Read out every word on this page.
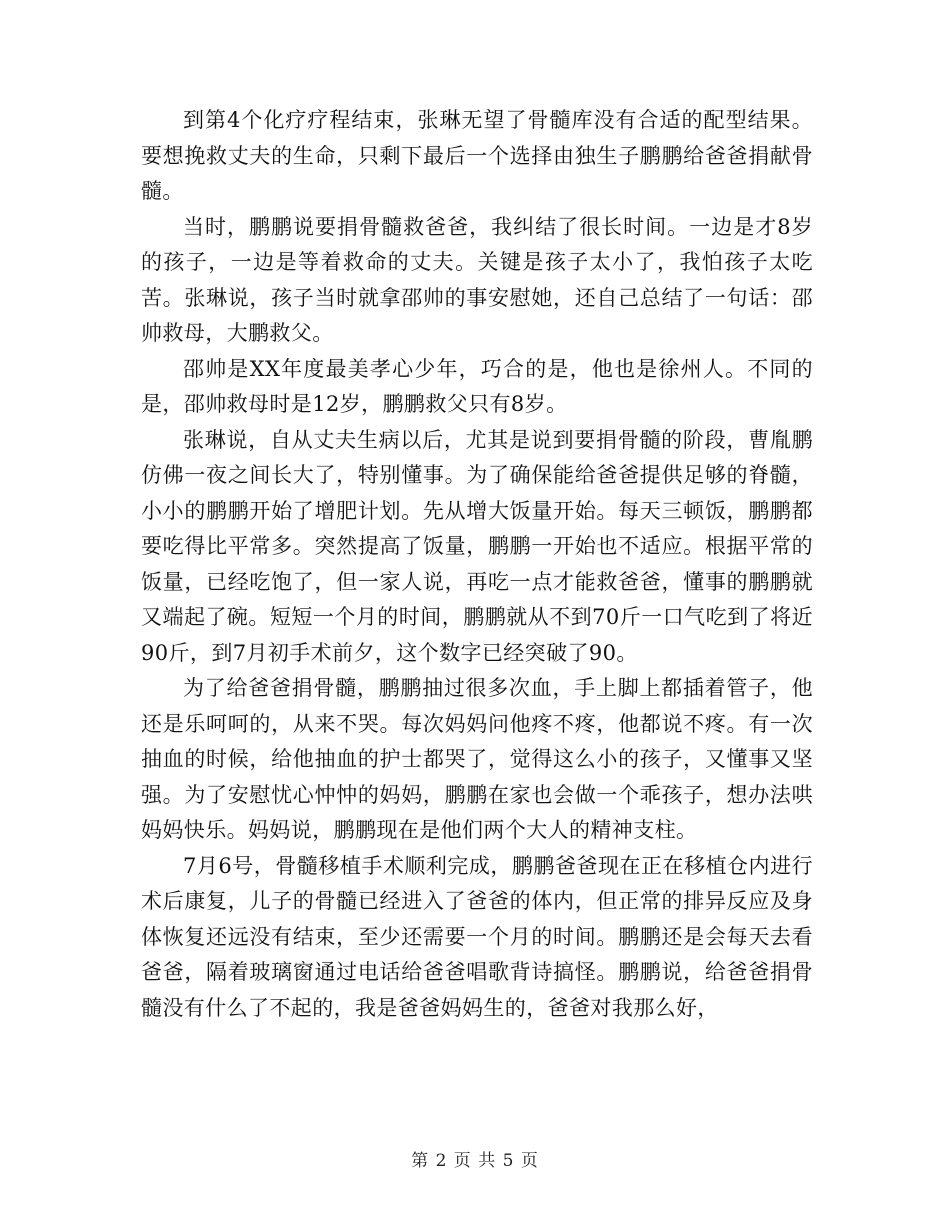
到第4个化疗疗程结束，张琳无望了骨髓库没有合适的配型结果。要想挽救丈夫的生命，只剩下最后一个选择由独生子鹏鹏给爸爸捐献骨髓。

当时，鹏鹏说要捐骨髓救爸爸，我纠结了很长时间。一边是才8岁的孩子，一边是等着救命的丈夫。关键是孩子太小了，我怕孩子太吃苦。张琳说，孩子当时就拿邵帅的事安慰她，还自己总结了一句话：邵帅救母，大鹏救父。

邵帅是XX年度最美孝心少年，巧合的是，他也是徐州人。不同的是，邵帅救母时是12岁，鹏鹏救父只有8岁。

张琳说，自从丈夫生病以后，尤其是说到要捐骨髓的阶段，曹胤鹏仿佛一夜之间长大了，特别懂事。为了确保能给爸爸提供足够的脊髓，小小的鹏鹏开始了增肥计划。先从增大饭量开始。每天三顿饭，鹏鹏都要吃得比平常多。突然提高了饭量，鹏鹏一开始也不适应。根据平常的饭量，已经吃饱了，但一家人说，再吃一点才能救爸爸，懂事的鹏鹏就又端起了碗。短短一个月的时间，鹏鹏就从不到70斤一口气吃到了将近90斤，到7月初手术前夕，这个数字已经突破了90。

为了给爸爸捐骨髓，鹏鹏抽过很多次血，手上脚上都插着管子，他还是乐呵呵的，从来不哭。每次妈妈问他疼不疼，他都说不疼。有一次抽血的时候，给他抽血的护士都哭了，觉得这么小的孩子，又懂事又坚强。为了安慰忧心忡忡的妈妈，鹏鹏在家也会做一个乖孩子，想办法哄妈妈快乐。妈妈说，鹏鹏现在是他们两个大人的精神支柱。

7月6号，骨髓移植手术顺利完成，鹏鹏爸爸现在正在移植仓内进行术后康复，儿子的骨髓已经进入了爸爸的体内，但正常的排异反应及身体恢复还远没有结束，至少还需要一个月的时间。鹏鹏还是会每天去看爸爸，隔着玻璃窗通过电话给爸爸唱歌背诗搞怪。鹏鹏说，给爸爸捐骨髓没有什么了不起的，我是爸爸妈妈生的，爸爸对我那么好，

第 2 页 共 5 页
